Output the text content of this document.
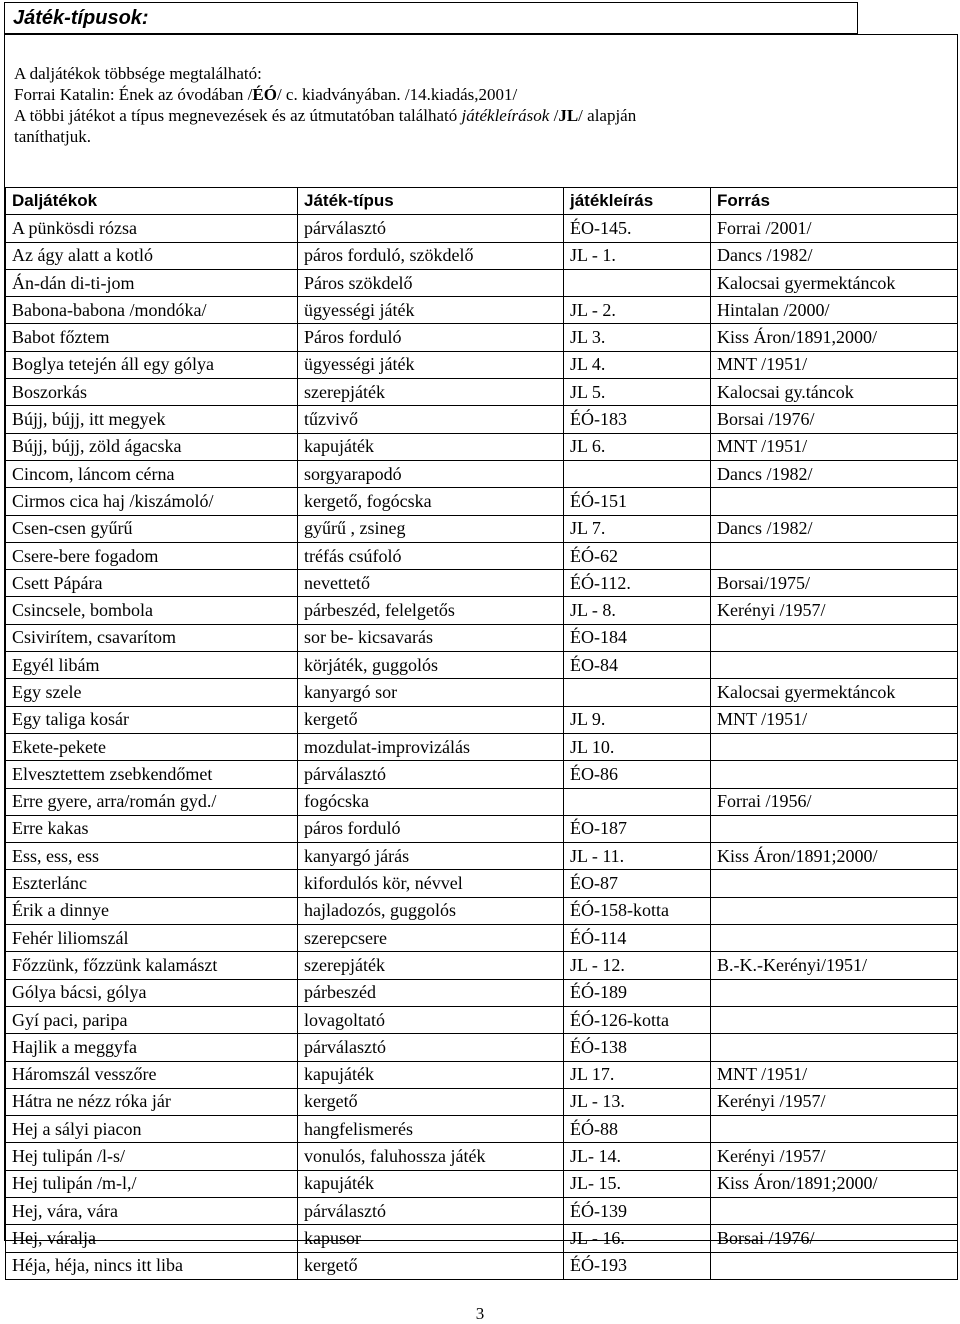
Játék-típusok:

A daljátékok többsége megtalálható:

Forrai Katalin: Ének az óvodában /ÉÓ/ c. kiadványában. /14.kiadás,2001/

A többi játékot a típus megnevezések és az útmutatóban található játékleírások /JL/ alapján

taníthatjuk.

Daljátékok	Játék-típus	játékleírás	Forrás
A pünkösdi rózsa	párválasztó	ÉO-145.	Forrai /2001/
Az ágy alatt a kotló	páros forduló, szökdelő	JL - 1.	Dancs /1982/
Án-dán di-ti-jom	Páros szökdelő		Kalocsai gyermektáncok
Babona-babona /mondóka/	ügyességi játék	JL - 2.	Hintalan /2000/
Babot főztem	Páros forduló	JL 3.	Kiss Áron/1891,2000/
Boglya tetején áll egy gólya	ügyességi játék	JL 4.	MNT /1951/
Boszorkás	szerepjáték	JL 5.	Kalocsai gy.táncok
Bújj, bújj, itt megyek	tűzvivő	ÉÓ-183	Borsai /1976/
Bújj, bújj, zöld ágacska	kapujáték	JL 6.	MNT /1951/
Cincom, láncom cérna	sorgyarapodó		Dancs /1982/
Cirmos cica haj /kiszámoló/	kergető, fogócska	ÉÓ-151	
Csen-csen gyűrű	gyűrű , zsineg	JL 7.	Dancs /1982/
Csere-bere fogadom	tréfás csúfoló	ÉÓ-62	
Csett Pápára	nevettető	ÉÓ-112.	Borsai/1975/
Csincsele, bombola	párbeszéd, felelgetős	JL - 8.	Kerényi /1957/
Csivirítem, csavarítom	sor be- kicsavarás	ÉO-184	
Egyél libám	körjáték, guggolós	ÉO-84	
Egy szele	kanyargó sor		Kalocsai gyermektáncok
Egy taliga kosár	kergető	JL 9.	MNT /1951/
Ekete-pekete	mozdulat-improvizálás	JL 10.	
Elvesztettem zsebkendőmet	párválasztó	ÉO-86	
Erre gyere, arra/román gyd./	fogócska		Forrai /1956/
Erre kakas	páros forduló	ÉO-187	
Ess, ess, ess	kanyargó járás	JL - 11.	Kiss Áron/1891;2000/
Eszterlánc	kifordulós kör, névvel	ÉO-87	
Érik a dinnye	hajladozós, guggolós	ÉÓ-158-kotta	
Fehér liliomszál	szerepcsere	ÉÓ-114	
Főzzünk, főzzünk kalamászt	szerepjáték	JL - 12.	B.-K.-Kerényi/1951/
Gólya bácsi, gólya	párbeszéd	ÉÓ-189	
Gyí paci, paripa	lovagoltató	ÉÓ-126-kotta	
Hajlik a meggyfa	párválasztó	ÉÓ-138	
Háromszál vesszőre	kapujáték	JL 17.	MNT /1951/
Hátra ne nézz róka jár	kergető	JL - 13.	Kerényi /1957/
Hej a sályi piacon	hangfelismerés	ÉÓ-88	
Hej tulipán /l-s/	vonulós, faluhossza játék	JL- 14.	Kerényi /1957/
Hej tulipán /m-l,/	kapujáték	JL- 15.	Kiss Áron/1891;2000/
Hej, vára, vára	párválasztó	ÉÓ-139	
Hej, váralja	kapusor	JL - 16.	Borsai /1976/
Héja, héja, nincs itt liba	kergető	ÉÓ-193	
3
